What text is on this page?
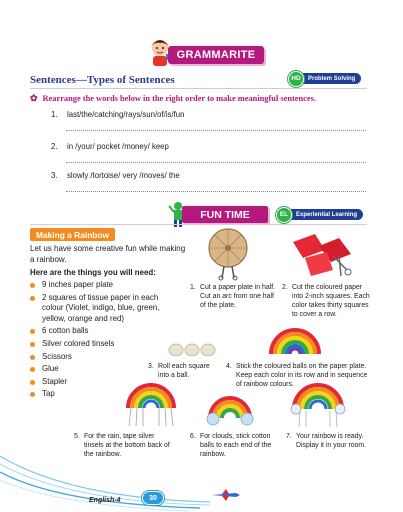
GRAMMARITE
Sentences—Types of Sentences	HD	Problem Solving
✿ Rearrange the words below in the right order to make meaningful sentences.
1. last/the/catching/rays/sun/of/is/fun
2. in /your/ pocket /money/ keep
3. slowly /tortoise/ very /moves/ the
FUN TIME	EL	Experiential Learning
Making a Rainbow
Let us have some creative fun while making a rainbow.
Here are the things you will need:
9 inches paper plate
2 squares of tissue paper in each colour (Violet, indigo, blue, green, yellow, orange and red)
6 cotton balls
Silver colored tinsels
Scissors
Glue
Stapler
Tap
1. Cut a paper plate in half. Cut an arc from one half of the plate.
2. Cut the coloured paper into 2-inch squares. Each color takes thirty squares to cover a row.
3. Roll each square into a ball.
4. Stick the coloured balls on the paper plate. Keep each color in its row and in sequence of rainbow colours.
5. For the rain, tape silver tinsels at the bottom back of the rainbow.
6. For clouds, stick cotton balls to each end of the rainbow.
7. Your rainbow is ready. Display it in your room.
English-4	30
